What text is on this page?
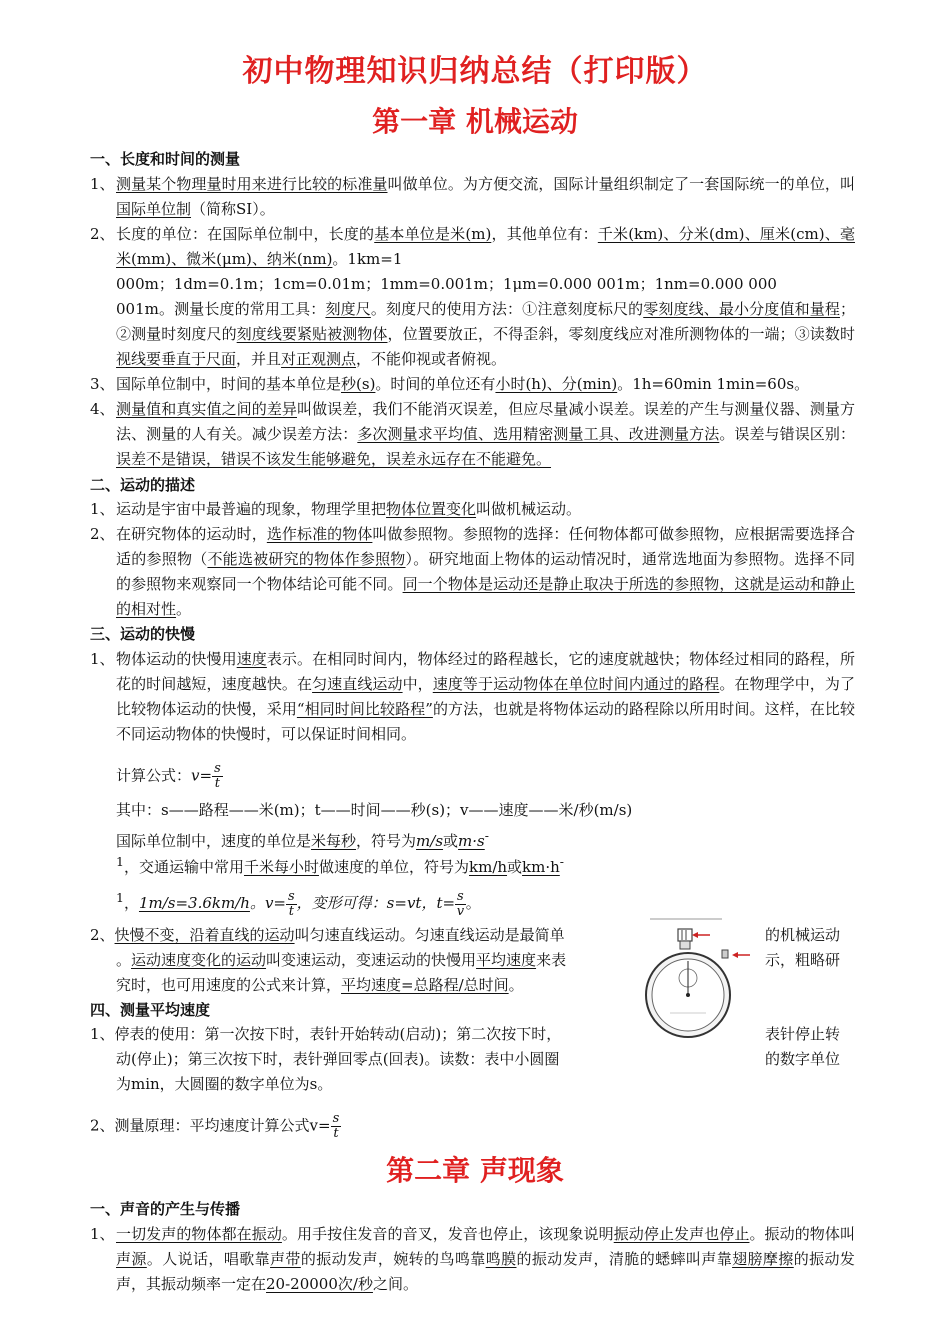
初中物理知识归纳总结（打印版）
第一章 机械运动
一、长度和时间的测量
1、 测量某个物理量时用来进行比较的标准量叫做单位。为方便交流，国际计量组织制定了一套国际统一的单位，叫国际单位制（简称SI）。
2、 长度的单位：在国际单位制中，长度的基本单位是米(m)，其他单位有：千米(km)、分米(dm)、厘米(cm)、毫米(mm)、微米(μm)、纳米(nm)。1km=1
000m；1dm=0.1m；1cm=0.01m；1mm=0.001m；1μm=0.000 001m；1nm=0.000 000
001m。测量长度的常用工具：刻度尺。刻度尺的使用方法：①注意刻度标尺的零刻度线、最小分度值和量程；②测量时刻度尺的刻度线要紧贴被测物体，位置要放正，不得歪斜，零刻度线应对准所测物体的一端；③读数时视线要垂直于尺面，并且对正观测点，不能仰视或者俯视。
3、 国际单位制中，时间的基本单位是秒(s)。时间的单位还有小时(h)、分(min)。1h=60min 1min=60s。
4、 测量值和真实值之间的差异叫做误差，我们不能消灭误差，但应尽量减小误差。误差的产生与测量仪器、测量方法、测量的人有关。减少误差方法：多次测量求平均值、选用精密测量工具、改进测量方法。误差与错误区别：误差不是错误，错误不该发生能够避免，误差永远存在不能避免。
二、运动的描述
1、 运动是宇宙中最普遍的现象，物理学里把物体位置变化叫做机械运动。
2、 在研究物体的运动时，选作标准的物体叫做参照物。参照物的选择：任何物体都可做参照物，应根据需要选择合适的参照物（不能选被研究的物体作参照物）。研究地面上物体的运动情况时，通常选地面为参照物。选择不同的参照物来观察同一个物体结论可能不同。同一个物体是运动还是静止取决于所选的参照物，这就是运动和静止的相对性。
三、运动的快慢
1、 物体运动的快慢用速度表示。在相同时间内，物体经过的路程越长，它的速度就越快；物体经过相同的路程，所花的时间越短，速度越快。在匀速直线运动中，速度等于运动物体在单位时间内通过的路程。在物理学中，为了比较物体运动的快慢，采用“相同时间比较路程”的方法，也就是将物体运动的路程除以所用时间。这样，在比较不同运动物体的快慢时，可以保证时间相同。
计算公式：$v= \frac{s}{t}$
其中：s——路程——米(m)；t——时间——秒(s)；v——速度——米/秒(m/s)
国际单位制中，速度的单位是米每秒，符号为m/s或m·s-
$^1$，交通运输中常用千米每小时做速度的单位，符号为km/h或km·h-
$^1$，1m/s=3.6km/h。$v= \frac{s}{t}$ ，变形可得：s=vt，$t= \frac{s}{v}$ 。
2、快慢不变，沿着直线的运动叫匀速直线运动。匀速直线运动是最简单	的机械运动
。运动速度变化的运动叫变速运动，变速运动的快慢用平均速度来表	示，粗略研
究时，也可用速度的公式来计算，平均速度=总路程/总时间。
四、测量平均速度
1、停表的使用：第一次按下时，表针开始转动(启动)；第二次按下时，	表针停止转
动(停止)；第三次按下时，表针弹回零点(回表)。读数：表中小圆圈	的数字单位
为min，大圆圈的数字单位为s。
2、测量原理：平均速度计算公式$v= \frac{s}{t}$
第二章 声现象
一、声音的产生与传播
1、 一切发声的物体都在振动。用手按住发音的音叉，发音也停止，该现象说明振动停止发声也停止。振动的物体叫声源。人说话，唱歌靠声带的振动发声，婉转的鸟鸣靠鸣膜的振动发声，清脆的蟋蟀叫声靠翅膀摩擦的振动发声，其振动频率一定在20-20000次/秒之间。
